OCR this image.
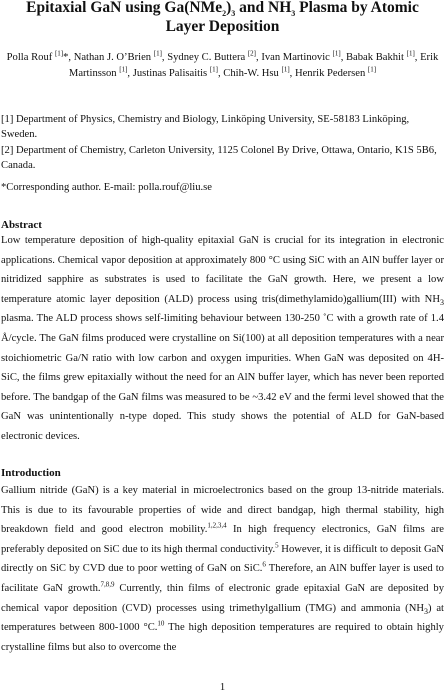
Epitaxial GaN using $Ga(NMe_2)_3$ and $NH_3$ Plasma by Atomic Layer Deposition
Polla Rouf [1]*, Nathan J. O’Brien [1], Sydney C. Buttera [2], Ivan Martinovic [1], Babak Bakhit [1], Erik Martinsson [1], Justinas Palisaitis [1], Chih-W. Hsu [1], Henrik Pedersen [1]
[1] Department of Physics, Chemistry and Biology, Linköping University, SE-58183 Linköping, Sweden.
[2] Department of Chemistry, Carleton University, 1125 Colonel By Drive, Ottawa, Ontario, K1S 5B6, Canada.
*Corresponding author. E-mail: polla.rouf@liu.se
Abstract

Low temperature deposition of high-quality epitaxial GaN is crucial for its integration in electronic applications. Chemical vapor deposition at approximately 800 °C using SiC with an AlN buffer layer or nitridized sapphire as substrates is used to facilitate the GaN growth. Here, we present a low temperature atomic layer deposition (ALD) process using tris(dimethylamido)gallium(III) with $NH_3$ plasma. The ALD process shows self-limiting behaviour between 130-250 ˚C with a growth rate of 1.4 Å/cycle. The GaN films produced were crystalline on Si(100) at all deposition temperatures with a near stoichiometric Ga/N ratio with low carbon and oxygen impurities. When GaN was deposited on 4H-SiC, the films grew epitaxially without the need for an AlN buffer layer, which has never been reported before. The bandgap of the GaN films was measured to be ~3.42 eV and the fermi level showed that the GaN was unintentionally n-type doped. This study shows the potential of ALD for GaN-based electronic devices.

Introduction

Gallium nitride (GaN) is a key material in microelectronics based on the group 13-nitride materials. This is due to its favourable properties of wide and direct bandgap, high thermal stability, high breakdown field and good electron mobility.$^{1,2,3,4}$ In high frequency electronics, GaN films are preferably deposited on SiC due to its high thermal conductivity.$^5$ However, it is difficult to deposit GaN directly on SiC by CVD due to poor wetting of GaN on SiC.$^6$ Therefore, an AlN buffer layer is used to facilitate GaN growth.$^{7,8,9}$ Currently, thin films of electronic grade epitaxial GaN are deposited by chemical vapor deposition (CVD) processes using trimethylgallium (TMG) and ammonia $(NH_3)$ at temperatures between 800-1000 °C.$^{10}$ The high deposition temperatures are required to obtain highly crystalline films but also to overcome the

1
